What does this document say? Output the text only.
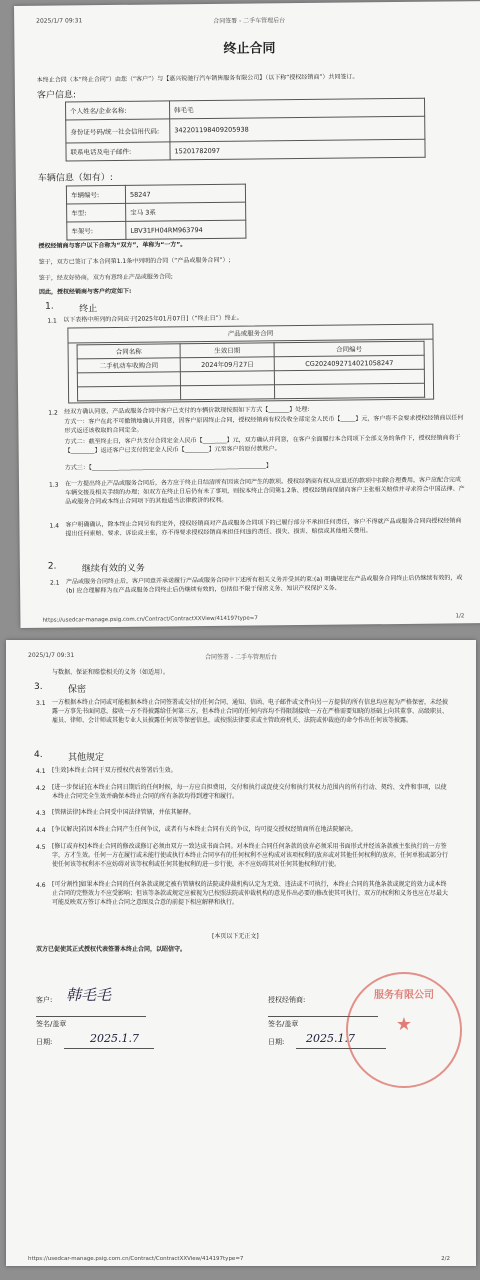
2025/1/7 09:31	合同签署 - 二手车管理后台
终止合同
本终止合同（本“终止合同”）由您（“客户”）与【嘉兴锐驰行汽车销售服务有限公司】（以下称“授权经销商”）共同签订。
客户信息:
个人姓名/企业名称:	韩毛毛
身份证号码/统一社会信用代码:	342201198409205938
联系电话及电子邮件:	15201782097
车辆信息（如有）:
车辆编号:	58247
车型:	宝马 3系
车架号:	LBV31FH04RM963794
授权经销商与客户以下合称为“双方”，单称为“一方”。
鉴于，双方已签订了本合同第1.1条中列明的合同（“产品或服务合同”）;
鉴于，经友好协商，双方有意终止产品或服务合同;
因此，授权经销商与客户约定如下:
1.	终止
1.1 以下表格中所列的合同应于[2025年01月07日]（“终止日”）终止。
产品或服务合同
合同名称	生效日期	合同编号
二手机动车收购合同	2024年09月27日	CG2024092714021058247

1.2 经双方确认同意，产品或服务合同中客户已支付的车辆价款现按照如下方式【_______】处理:
方式一：客户在此不可撤销地确认并同意，因客户原因终止合同，授权经销商有权没收全部定金人民币【_____】元，客户将不会要求授权经销商以任何形式返还该收取的合同定金。
方式二：截至终止日，客户共支付合同定金人民币【________】元，双方确认并同意，在客户全面履行本合同项下全部义务的条件下，授权经销商将于【________】返还客户已支付的定金人民币【________】元至客户的原付款账户。
方式三：【__________________________________________________________】
1.3 在一方提出终止产品或服务合同后，各方应于终止日结清所有因该合同产生的款项。授权经销商有权从应退还的款项中扣除合理费用，客户应配合完成车辆交接及相关手续的办理；如双方在终止日后仍有未了事项，则按本终止合同第1.2条、授权经销商保留向客户主张相关赔偿并寻求符合中国法律、产品或服务合同或本终止合同项下的其他适当法律救济的权利。
1.4 客户明确确认，除本终止合同另有约定外，授权经销商对产品或服务合同项下的已履行部分不承担任何责任，客户不得就产品或服务合同向授权经销商提出任何索赔、要求、诉讼或主张，亦不得要求授权经销商承担任何违约责任、损失、损害、赔偿或其他相关费用。
2.	继续有效的义务
2.1 产品或服务合同终止后，客户同意并承诺履行产品或服务合同中下述所有相关义务并受其约束:(a) 明确规定在产品或服务合同终止后仍继续有效的，或 (b) 应合理解释为在产品或服务合同终止后仍继续有效的，包括但不限于保密义务、知识产权保护义务、
https://usedcar-manage.psig.com.cn/Contract/ContractXXView/414197type=7	1/2
2025/1/7 09:31	合同签署 - 二手车管理后台
与数据、保证和赔偿相关的义务（如适用）。
3.	保密
3.1 一方根据本终止合同或可能根据本终止合同签署或交付的任何合同、通知、信函、电子邮件或文件向另一方提供的所有信息均应视为严格保密，未经披露一方事先书面同意，接收一方不得披露给任何第三方，但本终止合同的任何内容均不得限制接收一方在严格需要知晓的基础上向其董事、高级职员、雇员、律师、会计师或其他专业人员披露任何该等保密信息，或按照法律要求或主管政府机关、法院或仲裁庭的命令作出任何该等披露。
4.	其他规定
4.1 [生效]本终止合同于双方授权代表签署后生效。
4.2 [进一步保证]在本终止合同日期后的任何时候，每一方应自担费用，交付和执行或促使交付和执行其权力范围内的所有行动、契约、文件和事项，以使本终止合同完全生效并确保本终止合同的所有条款均得到遵守和履行。
4.3 [管辖法律]本终止合同受中国法律管辖，并依其解释。
4.4 [争议解决]若因本终止合同产生任何争议，或者有与本终止合同有关的争议，均可提交授权经销商所在地法院解决。
4.5 [修订或弃权]本终止合同的修改或修订必须由双方一致达成书面合同。对本终止合同任何条款的放弃必须采用书面形式并经该条款被主张执行的一方签字，方才生效。任何一方在履行或未能行使或执行本终止合同享有的任何权利不应构成对该项权利的放弃或对其他任何权利的放弃，任何单独或部分行使任何该等权利亦不应妨碍对该等权利或任何其他权利的进一步行使，亦不应妨碍其对任何其他权利的行使。
4.6 [可分割性]如果本终止合同的任何条款或规定被有管辖权的法院或仲裁机构认定为无效、违法或不可执行，本终止合同的其他条款或规定的效力或本终止合同的完整效力不应受影响；但该等条款或规定应被视为已按照法院或仲裁机构的意见作出必要的修改使其可执行，双方的权利和义务也应在尽最大可能反映双方签订本终止合同之意图及合意的前提下相应解释和执行。
[本页以下无正文]
双方已促使其正式授权代表签署本终止合同，以昭信守。
客户: 韩毛毛
签名/盖章
日期:	2025.1.7
授权经销商:
签名/盖章
日期: 2025.1.7
服务有限公司
★
https://usedcar-manage.psig.com.cn/Contract/ContractXXView/414197type=7	2/2
